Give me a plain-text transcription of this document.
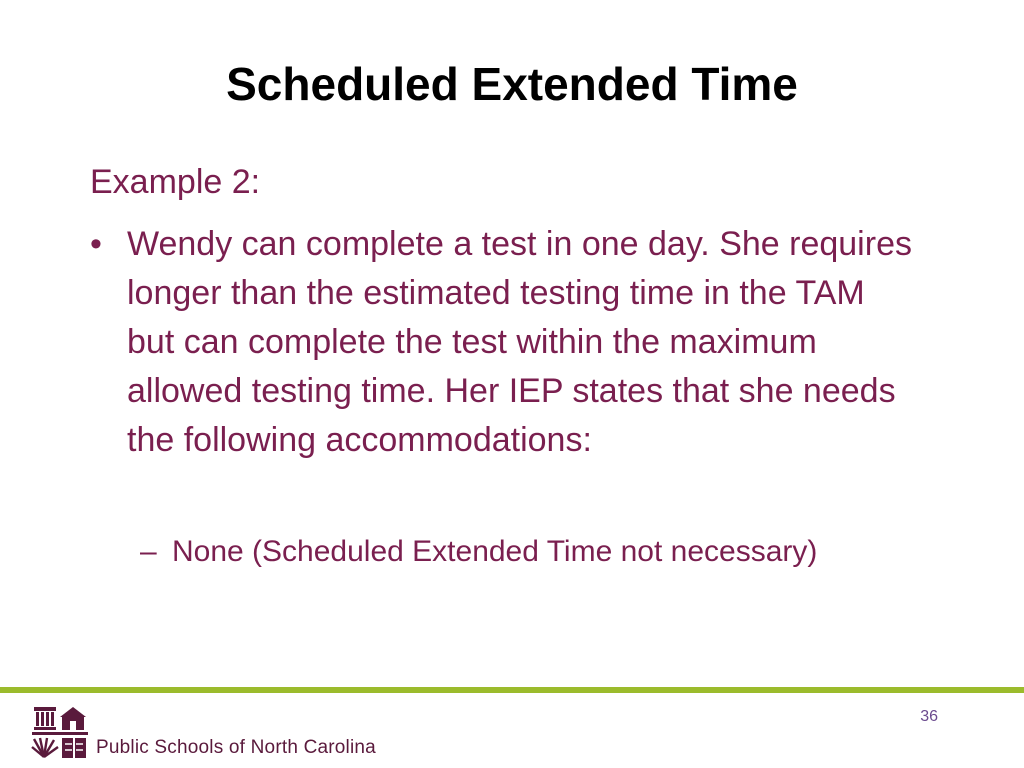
Scheduled Extended Time
Example 2:
• Wendy can complete a test in one day. She requires longer than the estimated testing time in the TAM but can complete the test within the maximum allowed testing time. Her IEP states that she needs the following accommodations:
– None (Scheduled Extended Time not necessary)
36
Public Schools of North Carolina
